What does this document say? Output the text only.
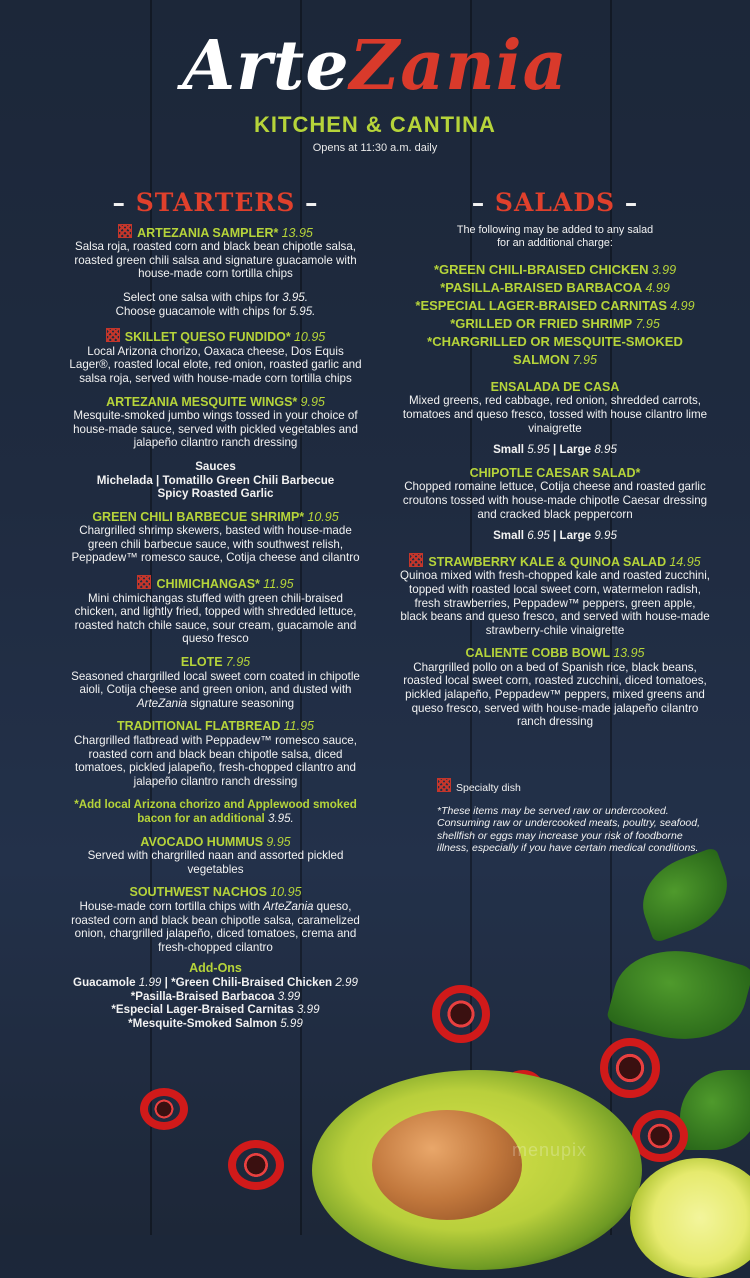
ArteZania
KITCHEN & CANTINA
Opens at 11:30 a.m. daily
– STARTERS –
ARTEZANIA SAMPLER* 13.95
Salsa roja, roasted corn and black bean chipotle salsa, roasted green chili salsa and signature guacamole with house-made corn tortilla chips
Select one salsa with chips for 3.95.
Choose guacamole with chips for 5.95.
SKILLET QUESO FUNDIDO* 10.95
Local Arizona chorizo, Oaxaca cheese, Dos Equis Lager®, roasted local elote, red onion, roasted garlic and salsa roja, served with house-made corn tortilla chips
ARTEZANIA MESQUITE WINGS* 9.95
Mesquite-smoked jumbo wings tossed in your choice of house-made sauce, served with pickled vegetables and jalapeño cilantro ranch dressing
Sauces
Michelada | Tomatillo Green Chili Barbecue
Spicy Roasted Garlic
GREEN CHILI BARBECUE SHRIMP* 10.95
Chargrilled shrimp skewers, basted with house-made green chili barbecue sauce, with southwest relish, Peppadew™ romesco sauce, Cotija cheese and cilantro
CHIMICHANGAS* 11.95
Mini chimichangas stuffed with green chili-braised chicken, and lightly fried, topped with shredded lettuce, roasted hatch chile sauce, sour cream, guacamole and queso fresco
ELOTE 7.95
Seasoned chargrilled local sweet corn coated in chipotle aioli, Cotija cheese and green onion, and dusted with ArteZania signature seasoning
TRADITIONAL FLATBREAD 11.95
Chargrilled flatbread with Peppadew™ romesco sauce, roasted corn and black bean chipotle salsa, diced tomatoes, pickled jalapeño, fresh-chopped cilantro and jalapeño cilantro ranch dressing
*Add local Arizona chorizo and Applewood smoked bacon for an additional 3.95.
AVOCADO HUMMUS 9.95
Served with chargrilled naan and assorted pickled vegetables
SOUTHWEST NACHOS 10.95
House-made corn tortilla chips with ArteZania queso, roasted corn and black bean chipotle salsa, caramelized onion, chargrilled jalapeño, diced tomatoes, crema and fresh-chopped cilantro
Add-Ons
Guacamole 1.99 | *Green Chili-Braised Chicken 2.99
*Pasilla-Braised Barbacoa 3.99
*Especial Lager-Braised Carnitas 3.99
*Mesquite-Smoked Salmon 5.99
– SALADS –
The following may be added to any salad for an additional charge:
*GREEN CHILI-BRAISED CHICKEN 3.99
*PASILLA-BRAISED BARBACOA 4.99
*ESPECIAL LAGER-BRAISED CARNITAS 4.99
*GRILLED OR FRIED SHRIMP 7.95
*CHARGRILLED OR MESQUITE-SMOKED SALMON 7.95
ENSALADA DE CASA
Mixed greens, red cabbage, red onion, shredded carrots, tomatoes and queso fresco, tossed with house cilantro lime vinaigrette
Small 5.95 | Large 8.95
CHIPOTLE CAESAR SALAD*
Chopped romaine lettuce, Cotija cheese and roasted garlic croutons tossed with house-made chipotle Caesar dressing and cracked black peppercorn
Small 6.95 | Large 9.95
STRAWBERRY KALE & QUINOA SALAD 14.95
Quinoa mixed with fresh-chopped kale and roasted zucchini, topped with roasted local sweet corn, watermelon radish, fresh strawberries, Peppadew™ peppers, green apple, black beans and queso fresco, and served with house-made strawberry-chile vinaigrette
CALIENTE COBB BOWL 13.95
Chargrilled pollo on a bed of Spanish rice, black beans, roasted local sweet corn, roasted zucchini, diced tomatoes, pickled jalapeño, Peppadew™ peppers, mixed greens and queso fresco, served with house-made jalapeño cilantro ranch dressing
Specialty dish
*These items may be served raw or undercooked. Consuming raw or undercooked meats, poultry, seafood, shellfish or eggs may increase your risk of foodborne illness, especially if you have certain medical conditions.
menupix
